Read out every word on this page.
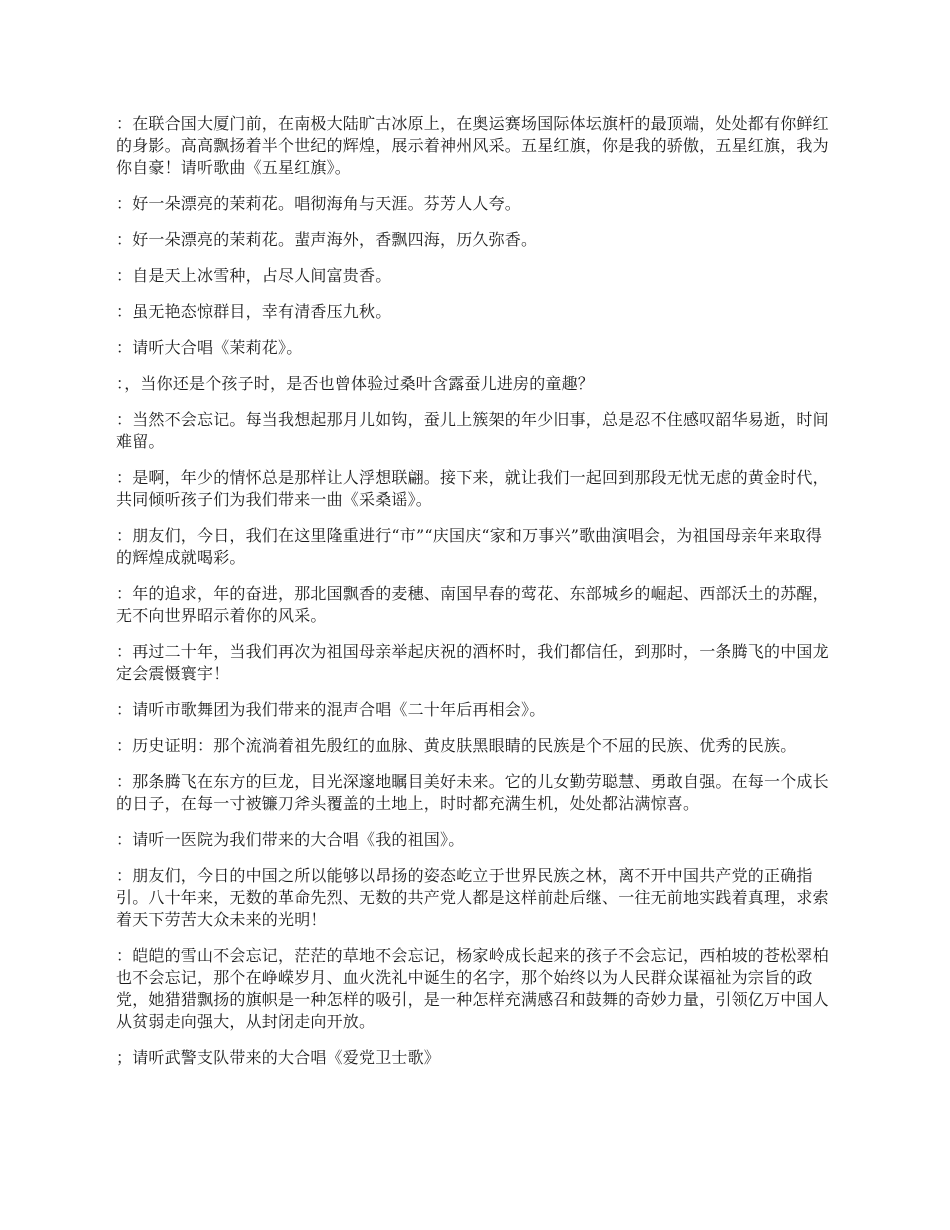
：在联合国大厦门前，在南极大陆旷古冰原上，在奥运赛场国际体坛旗杆的最顶端，处处都有你鲜红的身影。高高飘扬着半个世纪的辉煌，展示着神州风采。五星红旗，你是我的骄傲，五星红旗，我为你自豪！请听歌曲《五星红旗》。

：好一朵漂亮的茉莉花。唱彻海角与天涯。芬芳人人夸。

：好一朵漂亮的茉莉花。蜚声海外，香飘四海，历久弥香。

：自是天上冰雪种，占尽人间富贵香。

：虽无艳态惊群目，幸有清香压九秋。

：请听大合唱《茉莉花》。

：，当你还是个孩子时，是否也曾体验过桑叶含露蚕儿进房的童趣？

：当然不会忘记。每当我想起那月儿如钩，蚕儿上簇架的年少旧事，总是忍不住感叹韶华易逝，时间难留。

：是啊，年少的情怀总是那样让人浮想联翩。接下来，就让我们一起回到那段无忧无虑的黄金时代，共同倾听孩子们为我们带来一曲《采桑谣》。

：朋友们，今日，我们在这里隆重进行“市”“庆国庆“家和万事兴”歌曲演唱会，为祖国母亲年来取得的辉煌成就喝彩。

：年的追求，年的奋进，那北国飘香的麦穗、南国早春的莺花、东部城乡的崛起、西部沃土的苏醒，无不向世界昭示着你的风采。

：再过二十年，当我们再次为祖国母亲举起庆祝的酒杯时，我们都信任，到那时，一条腾飞的中国龙定会震慑寰宇！

：请听市歌舞团为我们带来的混声合唱《二十年后再相会》。

：历史证明：那个流淌着祖先殷红的血脉、黄皮肤黑眼睛的民族是个不屈的民族、优秀的民族。

：那条腾飞在东方的巨龙，目光深邃地瞩目美好未来。它的儿女勤劳聪慧、勇敢自强。在每一个成长的日子，在每一寸被镰刀斧头覆盖的土地上，时时都充满生机，处处都沾满惊喜。

：请听一医院为我们带来的大合唱《我的祖国》。

：朋友们，今日的中国之所以能够以昂扬的姿态屹立于世界民族之林，离不开中国共产党的正确指引。八十年来，无数的革命先烈、无数的共产党人都是这样前赴后继、一往无前地实践着真理，求索着天下劳苦大众未来的光明！

：皑皑的雪山不会忘记，茫茫的草地不会忘记，杨家岭成长起来的孩子不会忘记，西柏坡的苍松翠柏也不会忘记，那个在峥嵘岁月、血火洗礼中诞生的名字，那个始终以为人民群众谋福祉为宗旨的政党，她猎猎飘扬的旗帜是一种怎样的吸引，是一种怎样充满感召和鼓舞的奇妙力量，引领亿万中国人从贫弱走向强大，从封闭走向开放。

；请听武警支队带来的大合唱《爱党卫士歌》
